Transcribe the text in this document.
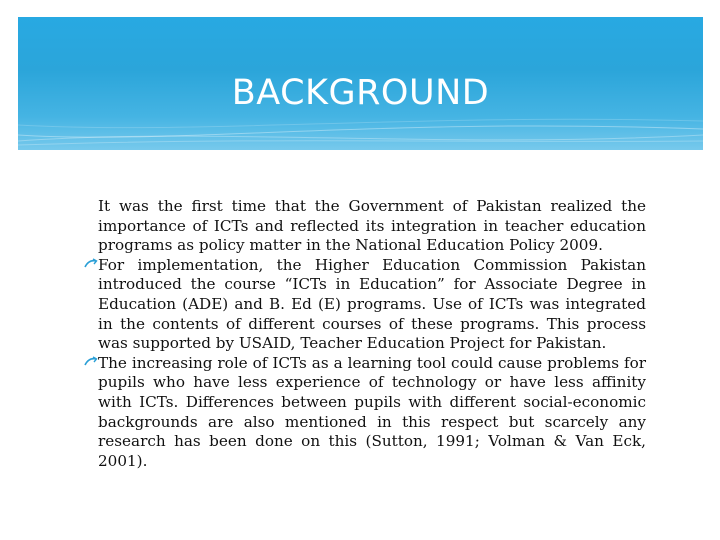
BACKGROUND
It was the first time that the Government of Pakistan realized the importance of ICTs and reflected its integration in teacher education programs as policy matter in the National Education Policy 2009.
For implementation, the Higher Education Commission Pakistan introduced the course “ICTs in Education” for Associate Degree in Education (ADE) and B. Ed (E) programs. Use of ICTs was integrated in the contents of different courses of these programs. This process was supported by USAID, Teacher Education Project for Pakistan.
The increasing role of ICTs as a learning tool could cause problems for pupils who have less experience of technology or have less affinity with ICTs. Differences between pupils with different social-economic backgrounds are also mentioned in this respect but scarcely any research has been done on this (Sutton, 1991; Volman & Van Eck, 2001).
